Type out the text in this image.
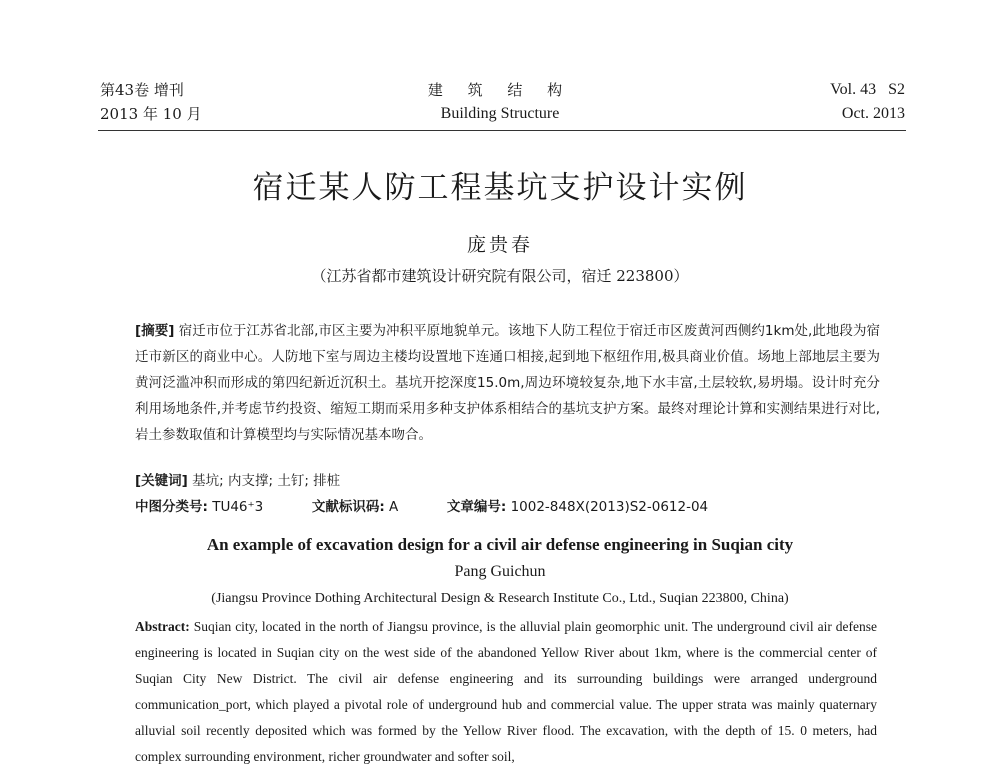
第43卷 增刊
2013 年 10 月
建 筑 结 构
Building Structure
Vol. 43   S2
Oct. 2013
宿迁某人防工程基坑支护设计实例
庞贵春
（江苏省都市建筑设计研究院有限公司，宿迁 223800）

[摘要] 宿迁市位于江苏省北部,市区主要为冲积平原地貌单元。该地下人防工程位于宿迁市区废黄河西侧约1km处,此地段为宿迁市新区的商业中心。人防地下室与周边主楼均设置地下连通口相接,起到地下枢纽作用,极具商业价值。场地上部地层主要为黄河泛滥冲积而形成的第四纪新近沉积土。基坑开挖深度15.0m,周边环境较复杂,地下水丰富,土层较软,易坍塌。设计时充分利用场地条件,并考虑节约投资、缩短工期而采用多种支护体系相结合的基坑支护方案。最终对理论计算和实测结果进行对比,岩土参数取值和计算模型均与实际情况基本吻合。

[关键词] 基坑; 内支撑; 土钉; 排桩
中图分类号: TU46⁺3	文献标识码: A	文章编号: 1002-848X(2013)S2-0612-04
An example of excavation design for a civil air defense engineering in Suqian city
Pang Guichun
(Jiangsu Province Dothing Architectural Design & Research Institute Co., Ltd., Suqian 223800, China)

Abstract: Suqian city, located in the north of Jiangsu province, is the alluvial plain geomorphic unit. The underground civil air defense engineering is located in Suqian city on the west side of the abandoned Yellow River about 1km, where is the commercial center of Suqian City New District. The civil air defense engineering and its surrounding buildings were arranged underground communication_port, which played a pivotal role of underground hub and commercial value. The upper strata was mainly quaternary alluvial soil recently deposited which was formed by the Yellow River flood. The excavation, with the depth of 15. 0 meters, had complex surrounding environment, richer groundwater and softer soil,
